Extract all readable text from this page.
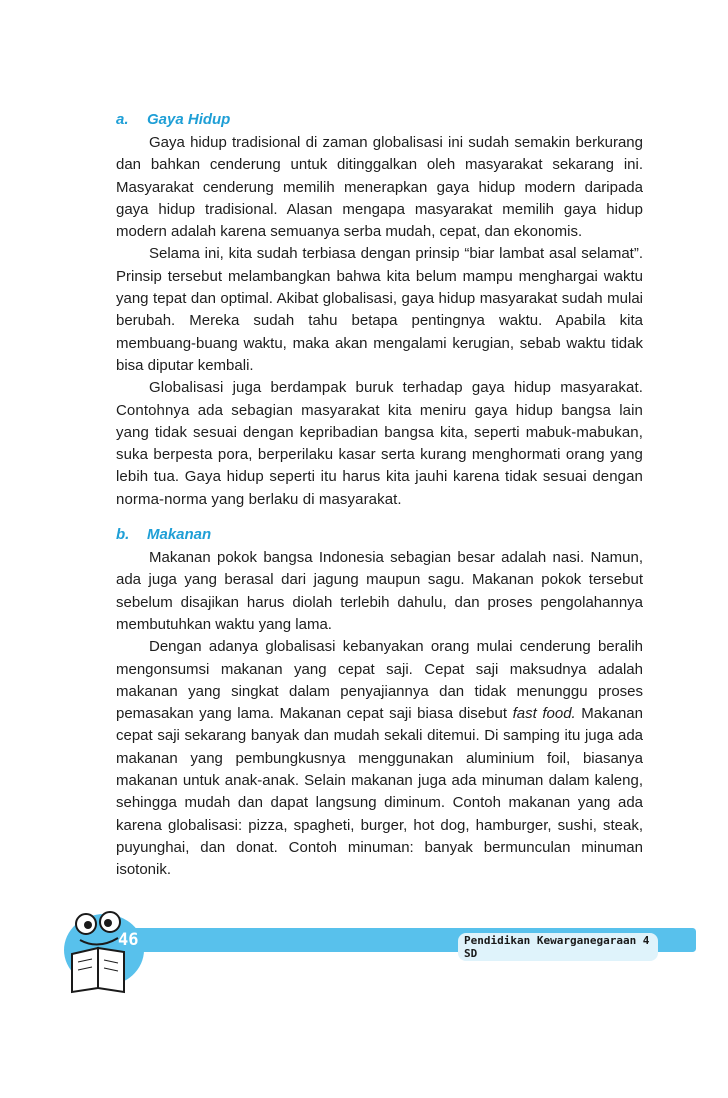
a. Gaya Hidup

Gaya hidup tradisional di zaman globalisasi ini sudah semakin berkurang dan bahkan cenderung untuk ditinggalkan oleh masyarakat sekarang ini. Masyarakat cenderung memilih menerapkan gaya hidup modern daripada gaya hidup tradisional. Alasan mengapa masyarakat memilih gaya hidup modern adalah karena semuanya serba mudah, cepat, dan ekonomis.

Selama ini, kita sudah terbiasa dengan prinsip “biar lambat asal selamat”. Prinsip tersebut melambangkan bahwa kita belum mampu menghargai waktu yang tepat dan optimal. Akibat globalisasi, gaya hidup masyarakat sudah mulai berubah. Mereka sudah tahu betapa pentingnya waktu. Apabila kita membuang-buang waktu, maka akan mengalami kerugian, sebab waktu tidak bisa diputar kembali.

Globalisasi juga berdampak buruk terhadap gaya hidup masyarakat. Contohnya ada sebagian masyarakat kita meniru gaya hidup bangsa lain yang tidak sesuai dengan kepribadian bangsa kita, seperti mabuk-mabukan, suka berpesta pora, berperilaku kasar serta kurang menghormati orang yang lebih tua. Gaya hidup seperti itu harus kita jauhi karena tidak sesuai dengan norma-norma yang berlaku di masyarakat.

b. Makanan

Makanan pokok bangsa Indonesia sebagian besar adalah nasi. Namun, ada juga yang berasal dari jagung maupun sagu. Makanan pokok tersebut sebelum disajikan harus diolah terlebih dahulu, dan proses pengolahannya membutuhkan waktu yang lama.

Dengan adanya globalisasi kebanyakan orang mulai cenderung beralih mengonsumsi makanan yang cepat saji. Cepat saji maksudnya adalah makanan yang singkat dalam penyajiannya dan tidak menunggu proses pemasakan yang lama. Makanan cepat saji biasa disebut fast food. Makanan cepat saji sekarang banyak dan mudah sekali ditemui. Di samping itu juga ada makanan yang pembungkusnya menggunakan aluminium foil, biasanya makanan untuk anak-anak. Selain makanan juga ada minuman dalam kaleng, sehingga mudah dan dapat langsung diminum. Contoh makanan yang ada karena globalisasi: pizza, spagheti, burger, hot dog, hamburger, sushi, steak, puyunghai, dan donat. Contoh minuman: banyak bermunculan minuman isotonik.

46	Pendidikan Kewarganegaraan 4 SD
